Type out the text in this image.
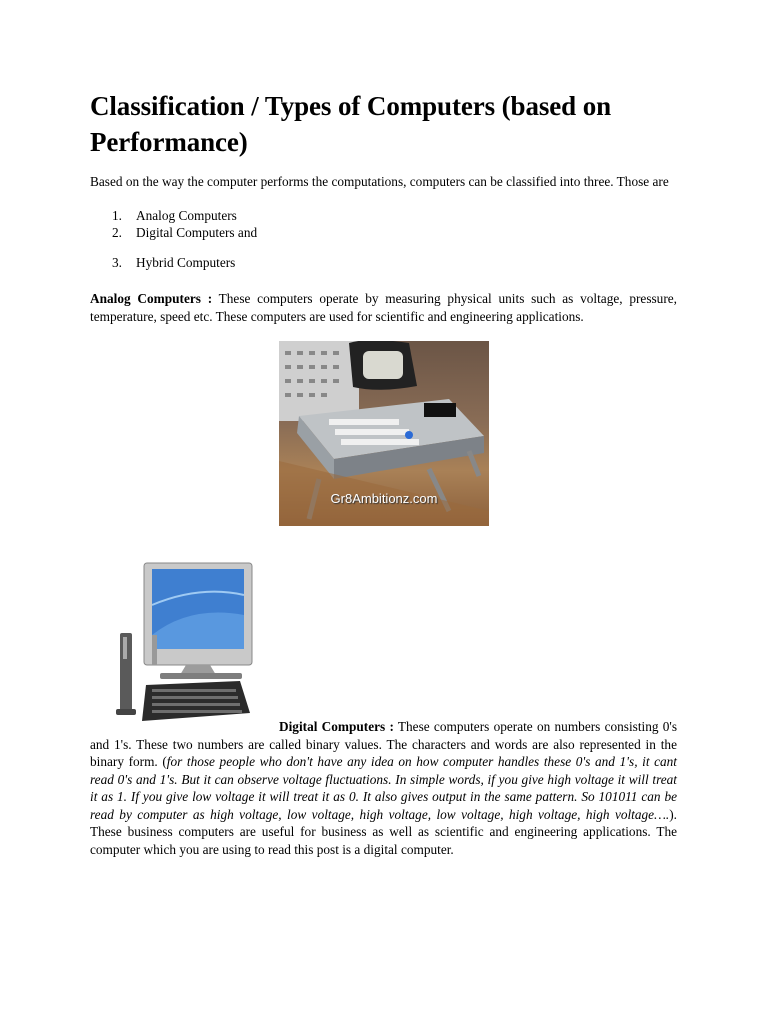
Classification / Types of Computers (based on Performance)
Based on the way the computer performs the computations, computers can be classified into three. Those are
1. Analog Computers
2. Digital Computers and
3. Hybrid Computers
Analog Computers : These computers operate by measuring physical units such as voltage, pressure, temperature, speed etc. These computers are used for scientific and engineering applications.
Gr8Ambitionz.com
Digital Computers : These computers operate on numbers consisting 0's and 1's. These two numbers are called binary values. The characters and words are also represented in the binary form. (for those people who don't have any idea on how computer handles these 0's and 1's, it cant read 0's and 1's. But it can observe voltage fluctuations. In simple words, if you give high voltage it will treat it as 1. If you give low voltage it will treat it as 0. It also gives output in the same pattern. So 101011 can be read by computer as high voltage, low voltage, high voltage, low voltage, high voltage, high voltage….). These business computers are useful for business as well as scientific and engineering applications. The computer which you are using to read this post is a digital computer.
